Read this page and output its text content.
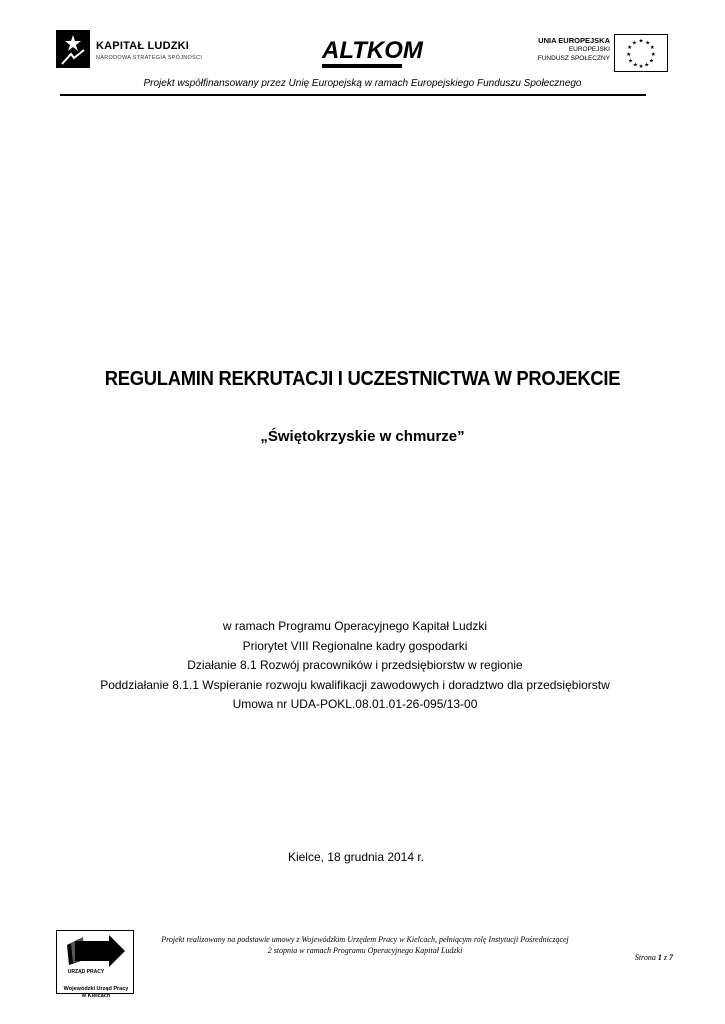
KAPITAŁ LUDZKI
NARODOWA STRATEGIA SPÓJNOŚCI	ALTKOM	UNIA EUROPEJSKA
EUROPEJSKI
FUNDUSZ SPOŁECZNY
★ ★
★
★
★
★
★
★
★
★
★
★
Projekt współfinansowany przez Unię Europejską w ramach Europejskiego Funduszu Społecznego
REGULAMIN REKRUTACJI I UCZESTNICTWA W PROJEKCIE
„Świętokrzyskie w chmurze”
w ramach Programu Operacyjnego Kapitał Ludzki
Priorytet VIII Regionalne kadry gospodarki
Działanie 8.1 Rozwój pracowników i przedsiębiorstw w regionie
Poddziałanie 8.1.1 Wspieranie rozwoju kwalifikacji zawodowych i doradztwo dla przedsiębiorstw
Umowa nr UDA-POKL.08.01.01-26-095/13-00
Kielce, 18 grudnia 2014 r.
URZĄD PRACY
Wojewódzki Urząd Pracy
w Kielcach
Projekt realizowany na podstawie umowy z Wojewódzkim Urzędem Pracy w Kielcach, pełniącym rolę Instytucji Pośredniczącej
2 stopnia w ramach Programu Operacyjnego Kapitał Ludzki
Strona 1 z 7
